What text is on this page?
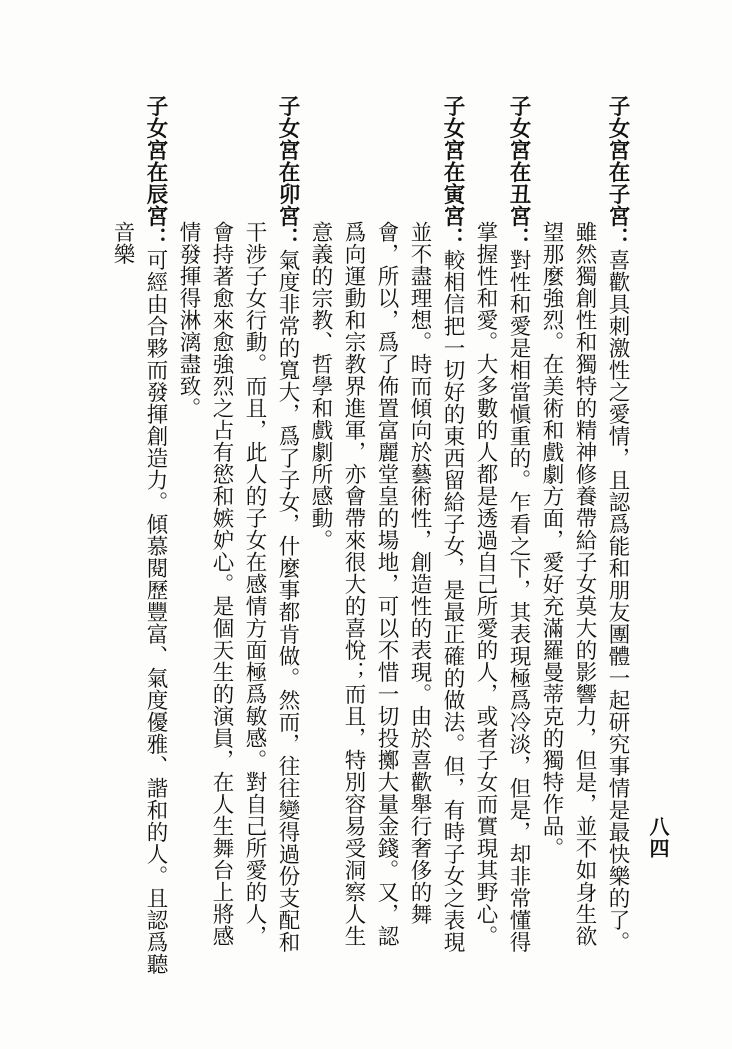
八四

子女宮在子宮：喜歡具刺激性之愛情，且認爲能和朋友團體一起研究事情是最快樂的了。雖然獨創性和獨特的精神修養帶給子女莫大的影響力，但是，並不如身生欲望那麼強烈。在美術和戲劇方面，愛好充滿羅曼蒂克的獨特作品。

子女宮在丑宮：對性和愛是相當愼重的。乍看之下，其表現極爲冷淡，但是，却非常懂得掌握性和愛。大多數的人都是透過自己所愛的人，或者子女而實現其野心。

子女宮在寅宮：較相信把一切好的東西留給子女，是最正確的做法。但，有時子女之表現並不盡理想。時而傾向於藝術性，創造性的表現。由於喜歡舉行奢侈的舞會，所以，爲了佈置富麗堂皇的場地，可以不惜一切投擲大量金錢。又，認爲向運動和宗教界進軍，亦會帶來很大的喜悅；而且，特別容易受洞察人生意義的宗教、哲學和戲劇所感動。

子女宮在卯宮：氣度非常的寬大，爲了子女，什麼事都肯做。然而，往往變得過份支配和干涉子女行動。而且，此人的子女在感情方面極爲敏感。對自己所愛的人，會持著愈來愈強烈之占有慾和嫉妒心。是個天生的演員，在人生舞台上將感情發揮得淋漓盡致。

子女宮在辰宮：可經由合夥而發揮創造力。傾慕閱歷豐富、氣度優雅、諧和的人。且認爲聽音樂
